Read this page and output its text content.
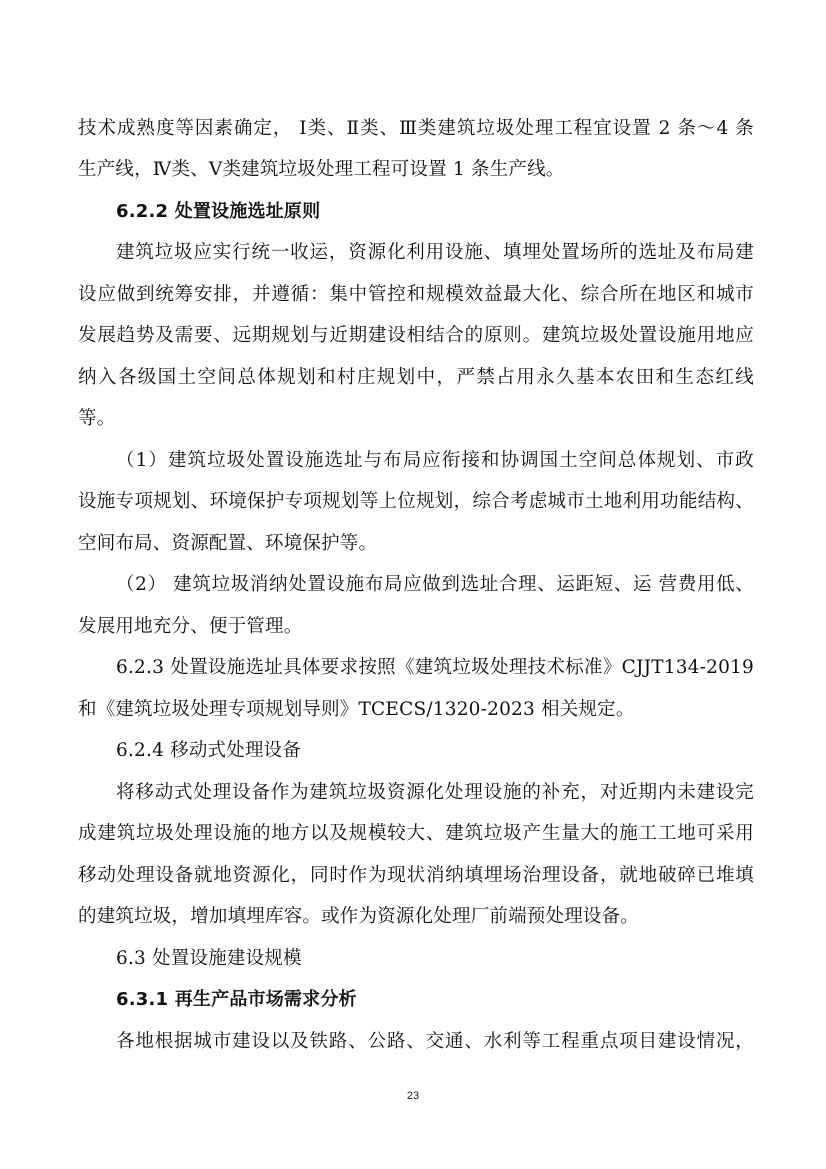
技术成熟度等因素确定， Ⅰ类、Ⅱ类、Ⅲ类建筑垃圾处理工程宜设置 2 条～4 条
生产线，Ⅳ类、Ⅴ类建筑垃圾处理工程可设置 1 条生产线。
6.2.2 处置设施选址原则
建筑垃圾应实行统一收运，资源化利用设施、填埋处置场所的选址及布局建
设应做到统筹安排，并遵循：集中管控和规模效益最大化、综合所在地区和城市
发展趋势及需要、远期规划与近期建设相结合的原则。建筑垃圾处置设施用地应
纳入各级国土空间总体规划和村庄规划中，严禁占用永久基本农田和生态红线
等。
（1）建筑垃圾处置设施选址与布局应衔接和协调国土空间总体规划、市政
设施专项规划、环境保护专项规划等上位规划，综合考虑城市土地利用功能结构、
空间布局、资源配置、环境保护等。
（2） 建筑垃圾消纳处置设施布局应做到选址合理、运距短、运 营费用低、
发展用地充分、便于管理。
6.2.3 处置设施选址具体要求按照《建筑垃圾处理技术标准》CJJT134-2019
和《建筑垃圾处理专项规划导则》TCECS/1320-2023 相关规定。
6.2.4 移动式处理设备
将移动式处理设备作为建筑垃圾资源化处理设施的补充，对近期内未建设完
成建筑垃圾处理设施的地方以及规模较大、建筑垃圾产生量大的施工工地可采用
移动处理设备就地资源化，同时作为现状消纳填埋场治理设备，就地破碎已堆填
的建筑垃圾，增加填埋库容。或作为资源化处理厂前端预处理设备。
6.3 处置设施建设规模
6.3.1 再生产品市场需求分析
各地根据城市建设以及铁路、公路、交通、水利等工程重点项目建设情况，
23
